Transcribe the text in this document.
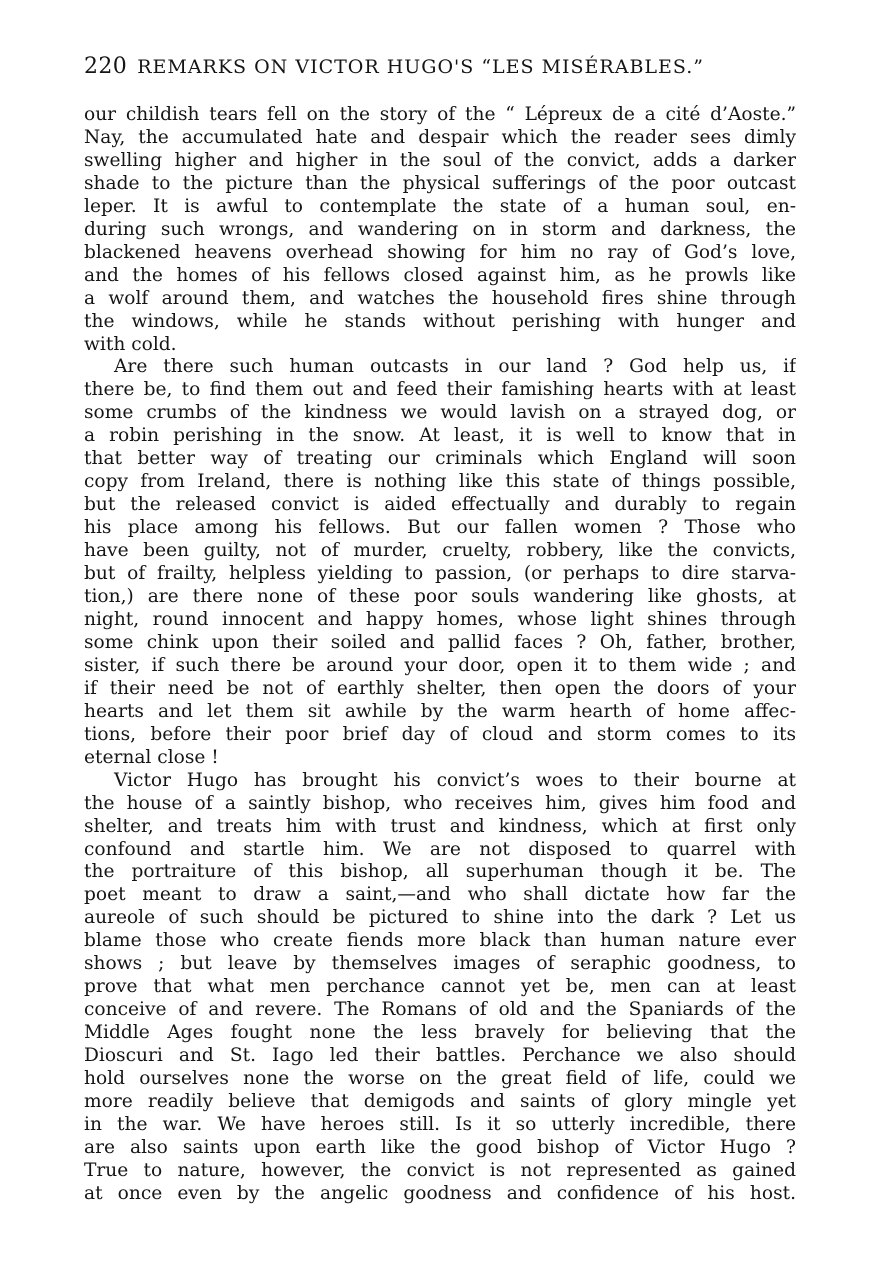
220 REMARKS ON VICTOR HUGO'S “LES MISÉRABLES.”
our childish tears fell on the story of the “ Lépreux de a cité d’Aoste.”
Nay, the accumulated hate and despair which the reader sees dimly
swelling higher and higher in the soul of the convict, adds a darker
shade to the picture than the physical sufferings of the poor outcast
leper. It is awful to contemplate the state of a human soul, en-
during such wrongs, and wandering on in storm and darkness, the
blackened heavens overhead showing for him no ray of God’s love,
and the homes of his fellows closed against him, as he prowls like
a wolf around them, and watches the household fires shine through
the windows, while he stands without perishing with hunger and
with cold.
Are there such human outcasts in our land ? God help us, if
there be, to find them out and feed their famishing hearts with at least
some crumbs of the kindness we would lavish on a strayed dog, or
a robin perishing in the snow. At least, it is well to know that in
that better way of treating our criminals which England will soon
copy from Ireland, there is nothing like this state of things possible,
but the released convict is aided effectually and durably to regain
his place among his fellows. But our fallen women ? Those who
have been guilty, not of murder, cruelty, robbery, like the convicts,
but of frailty, helpless yielding to passion, (or perhaps to dire starva-
tion,) are there none of these poor souls wandering like ghosts, at
night, round innocent and happy homes, whose light shines through
some chink upon their soiled and pallid faces ? Oh, father, brother,
sister, if such there be around your door, open it to them wide ; and
if their need be not of earthly shelter, then open the doors of your
hearts and let them sit awhile by the warm hearth of home affec-
tions, before their poor brief day of cloud and storm comes to its
eternal close !
Victor Hugo has brought his convict’s woes to their bourne at
the house of a saintly bishop, who receives him, gives him food and
shelter, and treats him with trust and kindness, which at first only
confound and startle him. We are not disposed to quarrel with
the portraiture of this bishop, all superhuman though it be. The
poet meant to draw a saint,—and who shall dictate how far the
aureole of such should be pictured to shine into the dark ? Let us
blame those who create fiends more black than human nature ever
shows ; but leave by themselves images of seraphic goodness, to
prove that what men perchance cannot yet be, men can at least
conceive of and revere. The Romans of old and the Spaniards of the
Middle Ages fought none the less bravely for believing that the
Dioscuri and St. Iago led their battles. Perchance we also should
hold ourselves none the worse on the great field of life, could we
more readily believe that demigods and saints of glory mingle yet
in the war. We have heroes still. Is it so utterly incredible, there
are also saints upon earth like the good bishop of Victor Hugo ?
True to nature, however, the convict is not represented as gained
at once even by the angelic goodness and confidence of his host.
